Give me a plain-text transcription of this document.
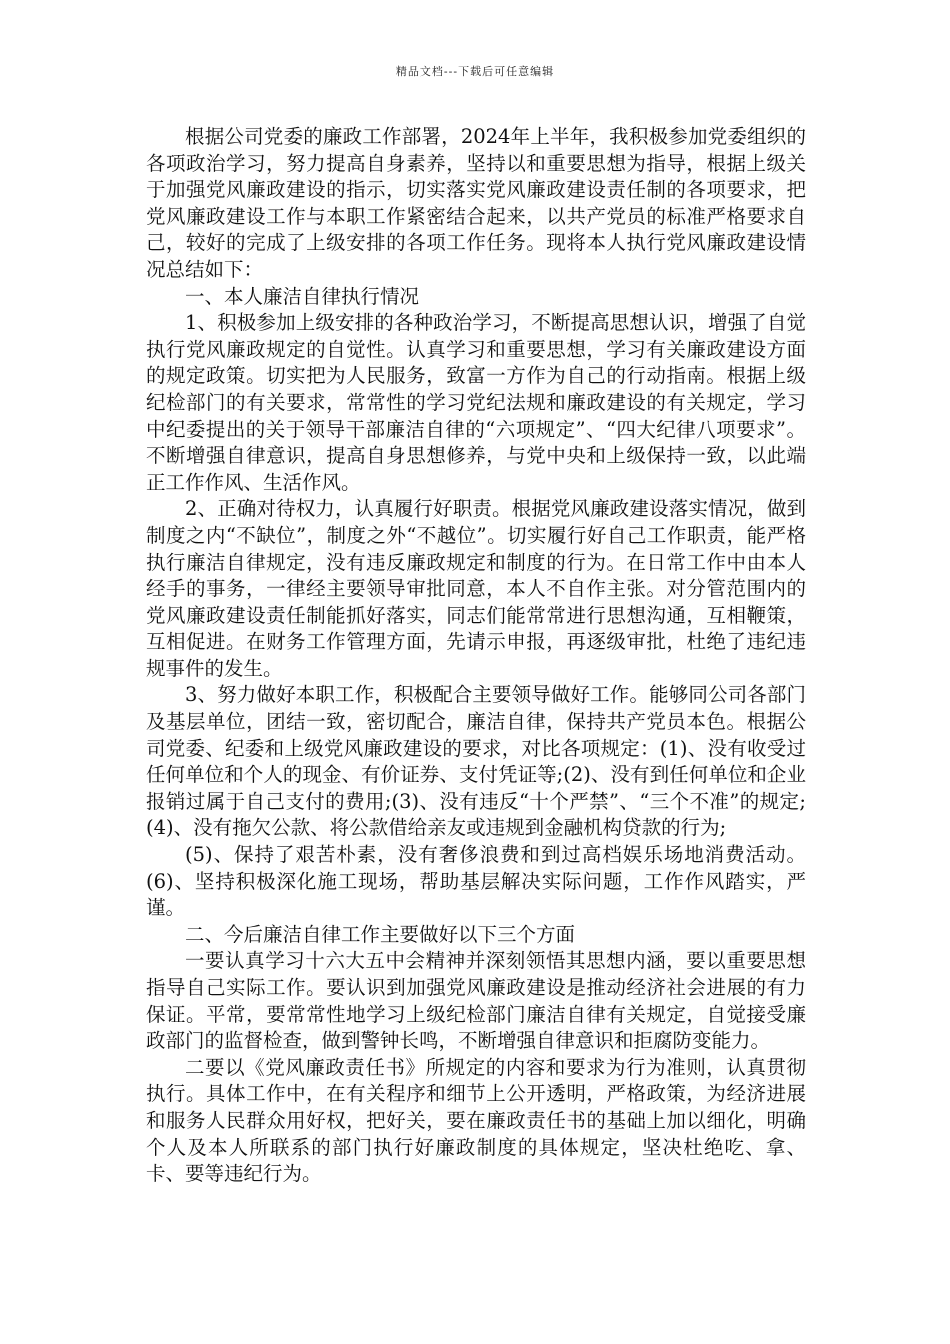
精品文档---下载后可任意编辑

根据公司党委的廉政工作部署，2024年上半年，我积极参加党委组织的各项政治学习，努力提高自身素养，坚持以和重要思想为指导，根据上级关于加强党风廉政建设的指示，切实落实党风廉政建设责任制的各项要求，把党风廉政建设工作与本职工作紧密结合起来，以共产党员的标准严格要求自己，较好的完成了上级安排的各项工作任务。现将本人执行党风廉政建设情况总结如下：

一、本人廉洁自律执行情况

1、积极参加上级安排的各种政治学习，不断提高思想认识，增强了自觉执行党风廉政规定的自觉性。认真学习和重要思想，学习有关廉政建设方面的规定政策。切实把为人民服务，致富一方作为自己的行动指南。根据上级纪检部门的有关要求，常常性的学习党纪法规和廉政建设的有关规定，学习中纪委提出的关于领导干部廉洁自律的“六项规定”、“四大纪律八项要求”。不断增强自律意识，提高自身思想修养，与党中央和上级保持一致，以此端正工作作风、生活作风。

2、正确对待权力，认真履行好职责。根据党风廉政建设落实情况，做到制度之内“不缺位”，制度之外“不越位”。切实履行好自己工作职责，能严格执行廉洁自律规定，没有违反廉政规定和制度的行为。在日常工作中由本人经手的事务，一律经主要领导审批同意，本人不自作主张。对分管范围内的党风廉政建设责任制能抓好落实，同志们能常常进行思想沟通，互相鞭策，互相促进。在财务工作管理方面，先请示申报，再逐级审批，杜绝了违纪违规事件的发生。

3、努力做好本职工作，积极配合主要领导做好工作。能够同公司各部门及基层单位，团结一致，密切配合，廉洁自律，保持共产党员本色。根据公司党委、纪委和上级党风廉政建设的要求，对比各项规定：(1)、没有收受过任何单位和个人的现金、有价证券、支付凭证等;(2)、没有到任何单位和企业报销过属于自己支付的费用;(3)、没有违反“十个严禁”、“三个不准”的规定;(4)、没有拖欠公款、将公款借给亲友或违规到金融机构贷款的行为;

(5)、保持了艰苦朴素，没有奢侈浪费和到过高档娱乐场地消费活动。(6)、坚持积极深化施工现场，帮助基层解决实际问题，工作作风踏实，严谨。

二、今后廉洁自律工作主要做好以下三个方面

一要认真学习十六大五中会精神并深刻领悟其思想内涵，要以重要思想指导自己实际工作。要认识到加强党风廉政建设是推动经济社会进展的有力保证。平常，要常常性地学习上级纪检部门廉洁自律有关规定，自觉接受廉政部门的监督检查，做到警钟长鸣，不断增强自律意识和拒腐防变能力。

二要以《党风廉政责任书》所规定的内容和要求为行为准则，认真贯彻执行。具体工作中，在有关程序和细节上公开透明，严格政策，为经济进展和服务人民群众用好权，把好关，要在廉政责任书的基础上加以细化，明确个人及本人所联系的部门执行好廉政制度的具体规定，坚决杜绝吃、拿、卡、要等违纪行为。
